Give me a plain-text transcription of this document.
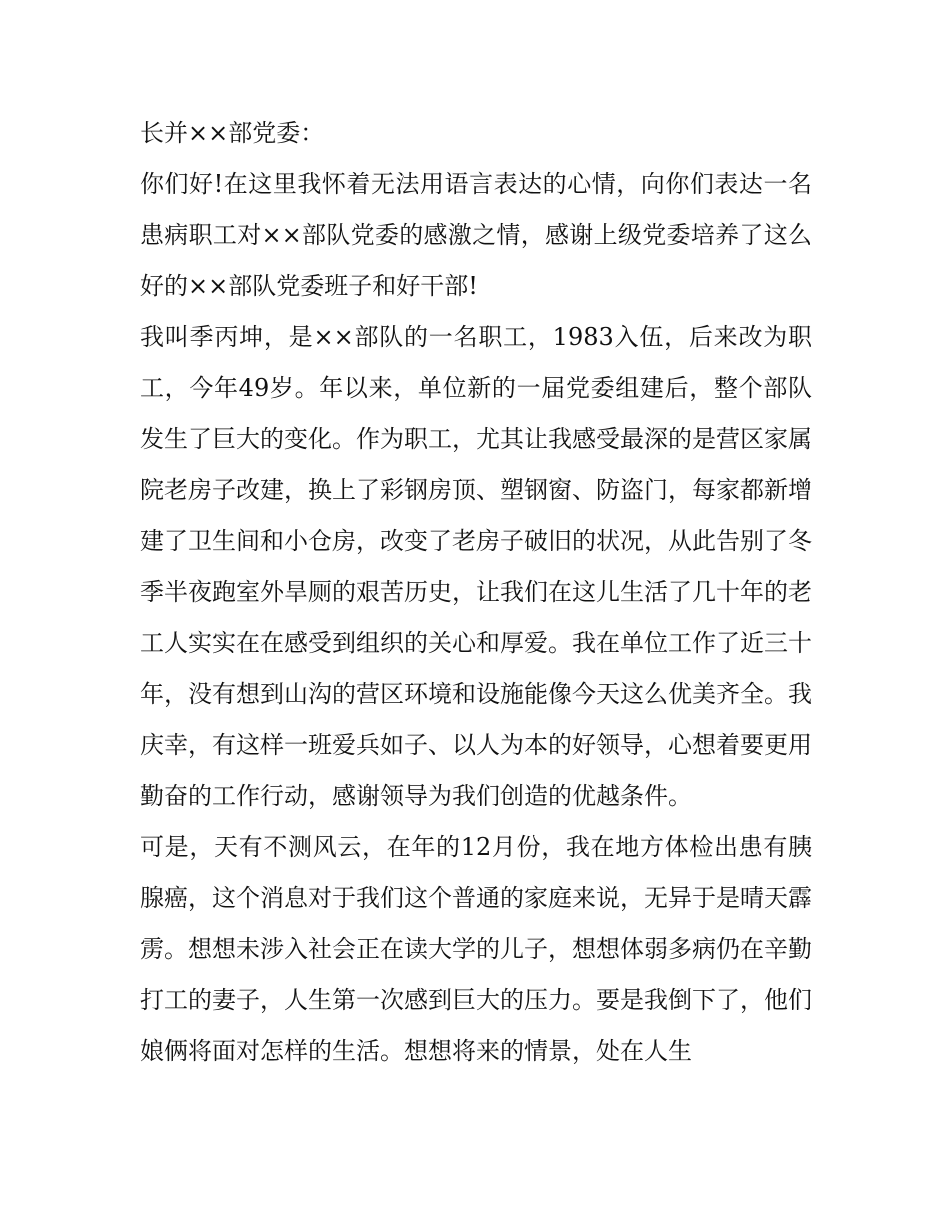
长并××部党委：

你们好!在这里我怀着无法用语言表达的心情，向你们表达一名患病职工对××部队党委的感激之情，感谢上级党委培养了这么好的××部队党委班子和好干部!

我叫季丙坤，是××部队的一名职工，1983入伍，后来改为职工，今年49岁。年以来，单位新的一届党委组建后，整个部队发生了巨大的变化。作为职工，尤其让我感受最深的是营区家属院老房子改建，换上了彩钢房顶、塑钢窗、防盗门，每家都新增建了卫生间和小仓房，改变了老房子破旧的状况，从此告别了冬季半夜跑室外旱厕的艰苦历史，让我们在这儿生活了几十年的老工人实实在在感受到组织的关心和厚爱。我在单位工作了近三十年，没有想到山沟的营区环境和设施能像今天这么优美齐全。我庆幸，有这样一班爱兵如子、以人为本的好领导，心想着要更用勤奋的工作行动，感谢领导为我们创造的优越条件。

可是，天有不测风云，在年的12月份，我在地方体检出患有胰腺癌，这个消息对于我们这个普通的家庭来说，无异于是晴天霹雳。想想未涉入社会正在读大学的儿子，想想体弱多病仍在辛勤打工的妻子，人生第一次感到巨大的压力。要是我倒下了，他们娘俩将面对怎样的生活。想想将来的情景，处在人生
